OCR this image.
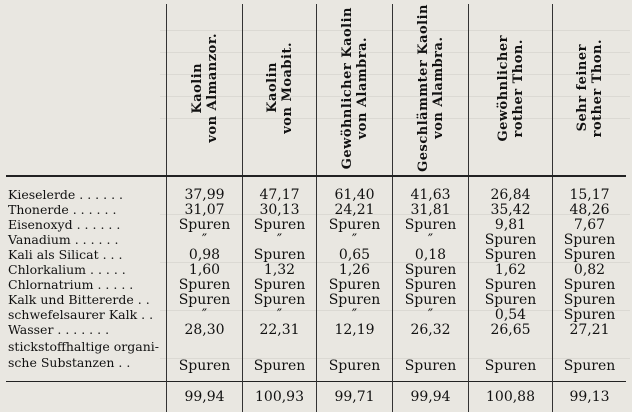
	Kaolin von Almanzor.	Kaolin von Moabit.	Gewöhnlicher Kaolin von Alambra.	Geschlämmter Kaolin von Alambra.	Gewöhnlicher rother Thon.	Sehr feiner rother Thon.

Kieselerde . . . . . .	37,99	47,17	61,40	41,63	26,84	15,17
Thonerde . . . . . .	31,07	30,13	24,21	31,81	35,42	48,26
Eisenoxyd . . . . . .	Spuren	Spuren	Spuren	Spuren	9,81	7,67
Vanadium . . . . . .	″	″	″	″	Spuren	Spuren
Kali als Silicat . . .	0,98	Spuren	0,65	0,18	Spuren	Spuren
Chlorkalium . . . . .	1,60	1,32	1,26	Spuren	1,62	0,82
Chlornatrium . . . . .	Spuren	Spuren	Spuren	Spuren	Spuren	Spuren
Kalk und Bittererde . .	Spuren	Spuren	Spuren	Spuren	Spuren	Spuren
schwefelsaurer Kalk . .	″	″	″	″	0,54	Spuren
Wasser . . . . . . .	28,30	22,31	12,19	26,32	26,65	27,21
stickstoffhaltige organi- sche Substanzen . .	Spuren	Spuren	Spuren	Spuren	Spuren	Spuren

	99,94	100,93	99,71	99,94	100,88	99,13
